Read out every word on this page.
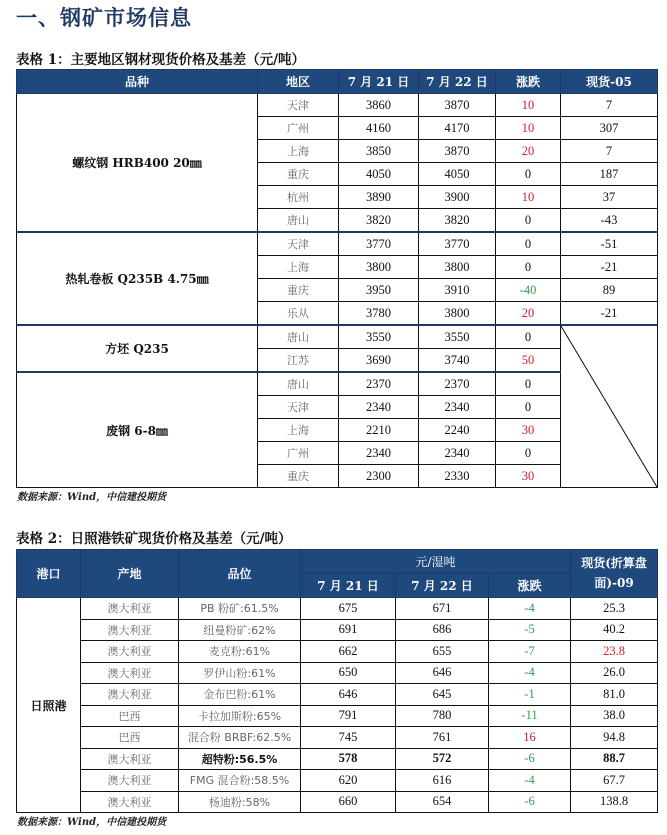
一、钢矿市场信息
表格 1：主要地区钢材现货价格及基差（元/吨）
品种	地区	7 月 21 日	7 月 22 日	涨跌	现货-05
螺纹钢 HRB400 20㎜	天津	3860	3870	10	7
	广州	4160	4170	10	307
	上海	3850	3870	20	7
	重庆	4050	4050	0	187
	杭州	3890	3900	10	37
	唐山	3820	3820	0	-43
热轧卷板 Q235B 4.75㎜	天津	3770	3770	0	-51
	上海	3800	3800	0	-21
	重庆	3950	3910	-40	89
	乐从	3780	3800	20	-21
方坯 Q235	唐山	3550	3550	0	

	江苏	3690	3740	50	
废钢 6-8㎜	唐山	2370	2370	0	
	天津	2340	2340	0	
	上海	2210	2240	30	
	广州	2340	2340	0	
	重庆	2300	2330	30	
数据来源：Wind，中信建投期货
表格 2：日照港铁矿现货价格及基差（元/吨）
港口	产地	品位	元/湿吨			现货(折算盘面)-09
			7 月 21 日	7 月 22 日	涨跌	
日照港	澳大利亚	PB 粉矿:61.5%	675	671	-4	25.3
	澳大利亚	纽曼粉矿:62%	691	686	-5	40.2
	澳大利亚	麦克粉:61%	662	655	-7	23.8
	澳大利亚	罗伊山粉:61%	650	646	-4	26.0
	澳大利亚	金布巴粉:61%	646	645	-1	81.0
	巴西	卡拉加斯粉:65%	791	780	-11	38.0
	巴西	混合粉 BRBF:62.5%	745	761	16	94.8
	澳大利亚	超特粉:56.5%	578	572	-6	88.7
	澳大利亚	FMG 混合粉:58.5%	620	616	-4	67.7
	澳大利亚	杨迪粉:58%	660	654	-6	138.8
数据来源：Wind，中信建投期货
